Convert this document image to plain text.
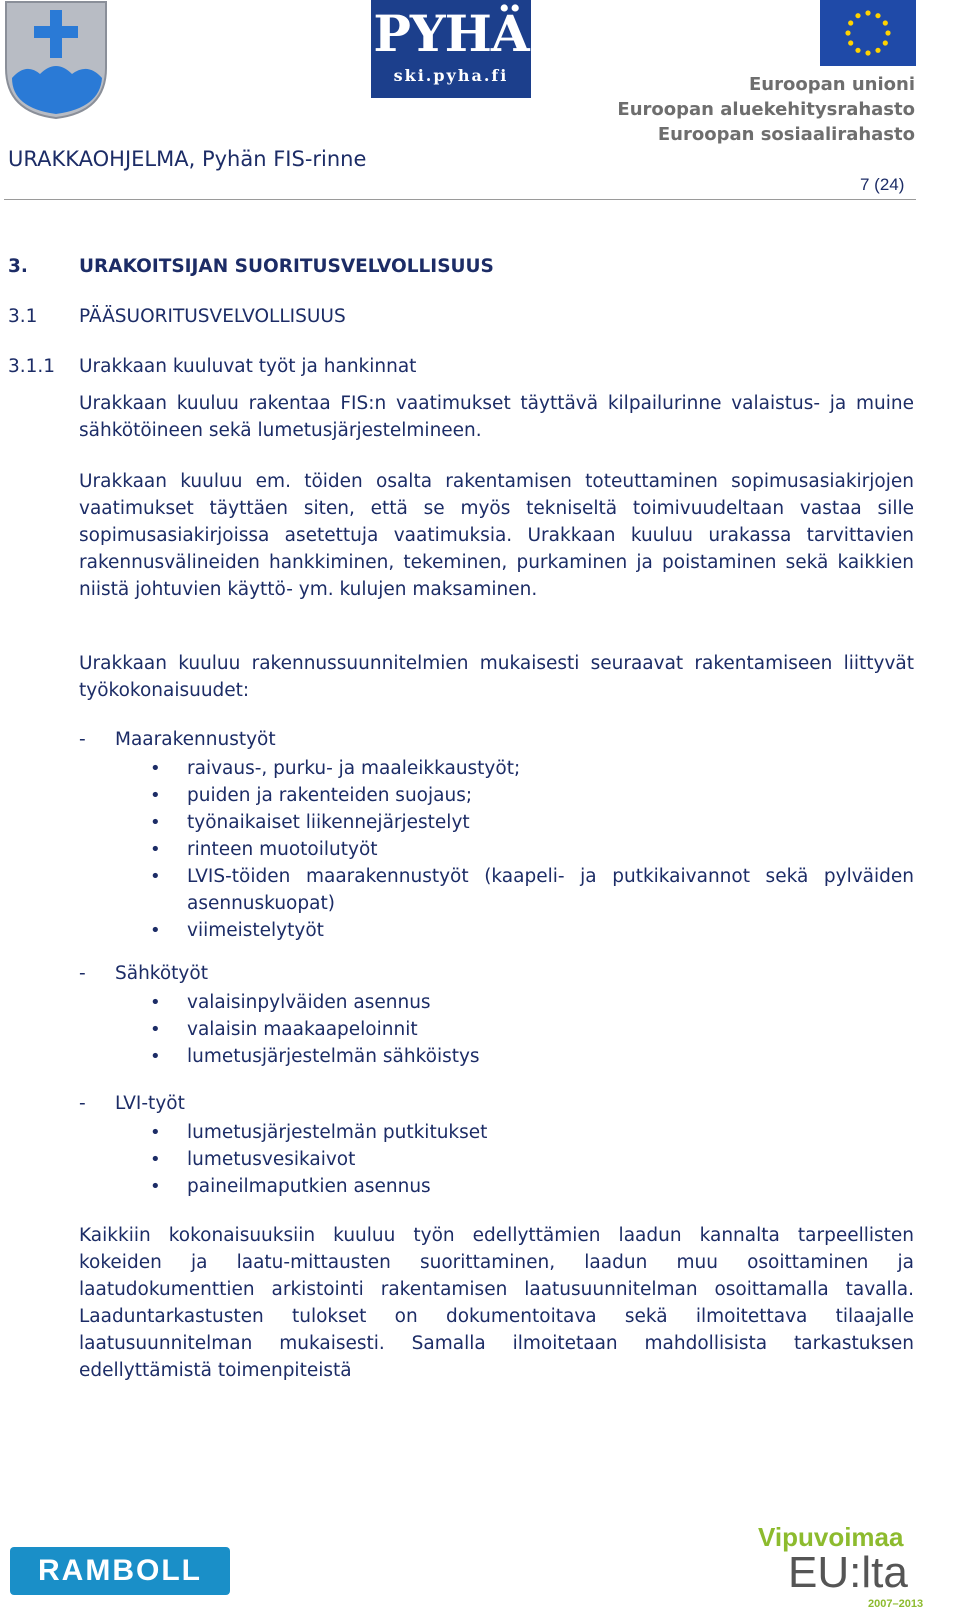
PYHÄ
ski.pyha.fi	Euroopan unioni
Euroopan aluekehitysrahasto
Euroopan sosiaalirahasto
URAKKAOHJELMA, Pyhän FIS-rinne
7 (24)
3.	URAKOITSIJAN SUORITUSVELVOLLISUUS
3.1 PÄÄSUORITUSVELVOLLISUUS
3.1.1 Urakkaan kuuluvat työt ja hankinnat
Urakkaan kuuluu rakentaa FIS:n vaatimukset täyttävä kilpailurinne valaistus- ja muine sähkötöineen sekä lumetusjärjestelmineen.
Urakkaan kuuluu em. töiden osalta rakentamisen toteuttaminen sopimusasiakirjojen vaatimukset täyttäen siten, että se myös tekniseltä toimivuudeltaan vastaa sille sopimusasiakirjoissa asetettuja vaatimuksia. Urakkaan kuuluu urakassa tarvittavien rakennusvälineiden hankkiminen, tekeminen, purkaminen ja poistaminen sekä kaikkien niistä johtuvien käyttö- ym. kulujen maksaminen.
Urakkaan kuuluu rakennussuunnitelmien mukaisesti seuraavat rakentamiseen liittyvät työkokonaisuudet:
- Maarakennustyöt
• raivaus-, purku- ja maaleikkaustyöt;
• puiden ja rakenteiden suojaus;
• työnaikaiset liikennejärjestelyt
• rinteen muotoilutyöt
• LVIS-töiden maarakennustyöt (kaapeli- ja putkikaivannot sekä pylväiden asennuskuopat)
• viimeistelytyöt
- Sähkötyöt
• valaisinpylväiden asennus
• valaisin maakaapeloinnit
• lumetusjärjestelmän sähköistys
- LVI-työt
• lumetusjärjestelmän putkitukset
• lumetusvesikaivot
• paineilmaputkien asennus
Kaikkiin kokonaisuuksiin kuuluu työn edellyttämien laadun kannalta tarpeellisten kokeiden ja laatu-mittausten suorittaminen, laadun muu osoittaminen ja laatudokumenttien arkistointi rakentamisen laatusuunnitelman osoittamalla tavalla. Laaduntarkastusten tulokset on dokumentoitava sekä ilmoitettava tilaajalle laatusuunnitelman mukaisesti. Samalla ilmoitetaan mahdollisista tarkastuksen edellyttämistä toimenpiteistä
RAMBOLL
Vipuvoimaa
EU:lta
2007–2013
